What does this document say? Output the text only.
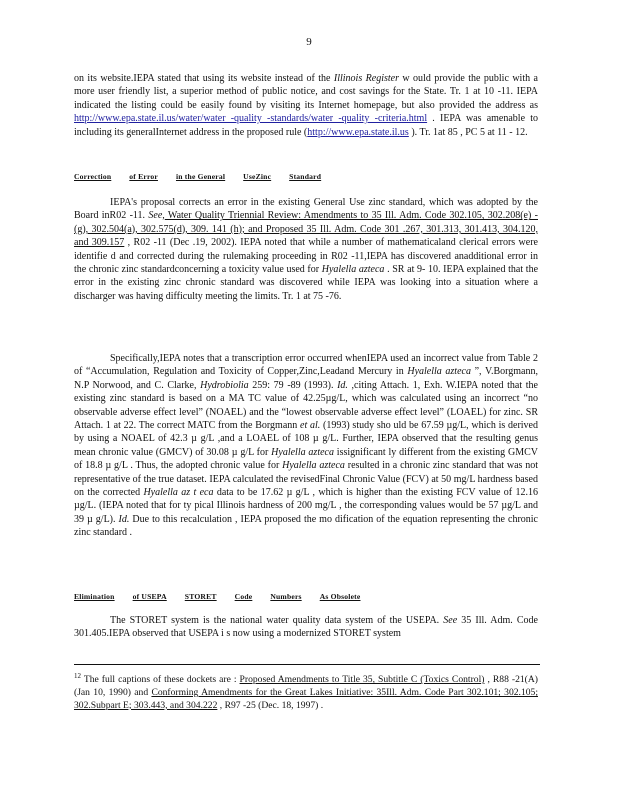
9

on its website.IEPA stated that using its website instead of the Illinois Register w ould provide the public with a more user friendly list, a superior method of public notice, and cost savings for the State. Tr. 1 at 10 -11. IEPA indicated the listing could be easily found by visiting its Internet homepage, but also provided the address as http://www.epa.state.il.us/water/water -quality -standards/water -quality -criteria.html . IEPA was amenable to including its generalInternet address in the proposed rule (http://www.epa.state.il.us ). Tr. 1at 85 , PC 5 at 11 - 12.

Correction of Error in the General UseZinc Standard

IEPA's proposal corrects an error in the existing General Use zinc standard, which was adopted by the Board inR02 -11. See, Water Quality Triennial Review: Amendments to 35 Ill. Adm. Code 302.105, 302.208(e) -(g), 302.504(a), 302.575(d), 309. 141 (h); and Proposed 35 Ill. Adm. Code 301 .267, 301.313, 301.413, 304.120, and 309.157 , R02 -11 (Dec .19, 2002). IEPA noted that while a number of mathematicaland clerical errors were identifie d and corrected during the rulemaking proceeding in R02 -11,IEPA has discovered anadditional error in the chronic zinc standardconcerning a toxicity value used for Hyalella azteca . SR at 9- 10. IEPA explained that the error in the existing zinc chronic standard was discovered while IEPA was looking into a situation where a discharger was having difficulty meeting the limits. Tr. 1 at 75 -76.

Specifically,IEPA notes that a transcription error occurred whenIEPA used an incorrect value from Table 2 of “Accumulation, Regulation and Toxicity of Copper,Zinc,Leadand Mercury in Hyalella azteca ”, V.Borgmann, N.P Norwood, and C. Clarke, Hydrobiolia 259: 79 -89 (1993). Id. ,citing Attach. 1, Exh. W.IEPA noted that the existing zinc standard is based on a MA TC value of 42.25µg/L, which was calculated using an incorrect “no observable adverse effect level” (NOAEL) and the “lowest observable adverse effect level” (LOAEL) for zinc. SR Attach. 1 at 22. The correct MATC from the Borgmann et al. (1993) study sho uld be 67.59 µg/L, which is derived by using a NOAEL of 42.3 µ g/L ,and a LOAEL of 108 µ g/L. Further, IEPA observed that the resulting genus mean chronic value (GMCV) of 30.08 µ g/L for Hyalella azteca issignificant ly different from the existing GMCV of 18.8 µ g/L . Thus, the adopted chronic value for Hyalella azteca resulted in a chronic zinc standard that was not representative of the true dataset. IEPA calculated the revisedFinal Chronic Value (FCV) at 50 mg/L hardness based on the corrected Hyalella az t eca data to be 17.62 µ g/L , which is higher than the existing FCV value of 12.16 µg/L. (IEPA noted that for ty pical Illinois hardness of 200 mg/L , the corresponding values would be 57 µg/L and 39 µ g/L). Id. Due to this recalculation , IEPA proposed the mo dification of the equation representing the chronic zinc standard .

Elimination of USEPA STORET Code Numbers As Obsolete

The STORET system is the national water quality data system of the USEPA. See 35 Ill. Adm. Code 301.405.IEPA observed that USEPA i s now using a modernized STORET system

$^{12}$ The full captions of these dockets are : Proposed Amendments to Title 35, Subtitle C (Toxics Control) , R88 -21(A) (Jan 10, 1990) and Conforming Amendments for the Great Lakes Initiative: 35Ill. Adm. Code Part 302.101; 302.105; 302.Subpart E; 303.443, and 304.222 , R97 -25 (Dec. 18, 1997) .
